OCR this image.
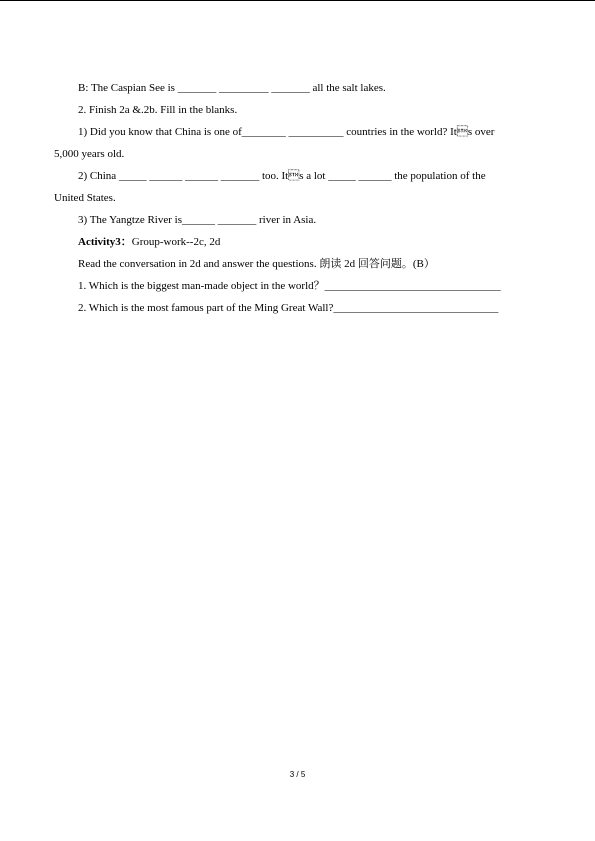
B: The Caspian See is _______ _________ _______ all the salt lakes.
2. Finish 2a &.2b. Fill in the blanks.
1) Did you know that China is one of________ __________ countries in the world? Its over
5,000 years old.
2) China _____ ______ ______ _______ too. Its a lot _____ ______ the population of the
United States.
3) The Yangtze River is______ _______ river in Asia.
Activity3：Group-work--2c, 2d
Read the conversation in 2d and answer the questions. 朗读 2d 回答问题。(B）
1. Which is the biggest man-made object in the world？________________________________
2. Which is the most famous part of the Ming Great Wall?______________________________
3 / 5
